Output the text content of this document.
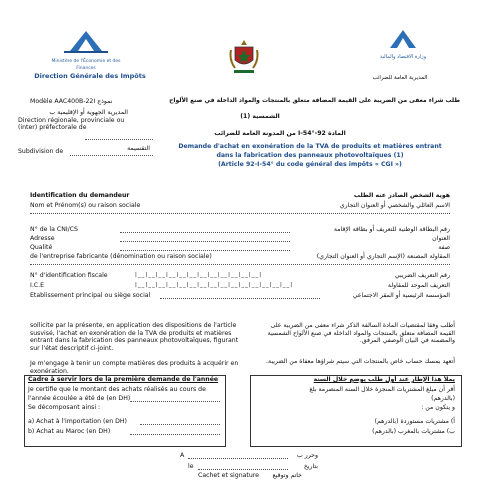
Ministère de l'Économie et des Finances
Direction Générale des Impôts
وزارة الاقتصاد والمالية
المديرية العامة للضرائب
Modèle AAC400B-22I نموذج
المديرية الجهوية أو الإقليمية ب
Direction régionale, provinciale ou (inter) préfectorale de
Subdivision de	التقسيمة
طلب شراء معفى من الضريبة على القيمة المضافة متعلق بالمنتجات والمواد الداخلة في صنع الألواح
الشمسية (1)
المادة 92-I-54° من المدونة العامة للضرائب
Demande d'achat en exonération de la TVA de produits et matières entrant
dans la fabrication des panneaux photovoltaïques (1)
(Article 92-I-54° du code général des impôts « CGI »)
Identification du demandeur	هوية الشخص الصادر عنه الطلب
Nom et Prénom(s) ou raison sociale	الاسم العائلي والشخصي أو العنوان التجاري
N° de la CNI/CS	رقم البطاقة الوطنية للتعريف أو بطاقة الإقامة
Adresse	العنوان
Qualité	صفة
de l'entreprise fabricante (dénomination ou raison sociale)	المقاولة المصنعة (الإسم التجاري أو العنوان التجاري)
N° d'identification fiscale	|__|__|__|__|__|__|__|__|__|__|__|__|	رقم التعريف الضريبي
I.C.E	|__|__|__|__|__|__|__|__|__|__|__|__|__|__|__|	التعريف الموحد للمقاولة
Etablissement principal ou siège social	المؤسسة الرئيسية أو المقر الاجتماعي
sollicite par la présente, en application des dispositions de l'article susvisé, l'achat en exonération de la TVA de produits et matières entrant dans la fabrication des panneaux photovoltaïques, figurant sur l'état descriptif ci-joint.
Je m'engage à tenir un compte matières des produits à acquérir en exonération.
أطلب وفقا لمقتضيات المادة السالفة الذكر شراء معفى من الضريبة على القيمة المضافة متعلق بالمنتجات والمواد الداخلة في صنع الألواح الشمسية والمضمنة في البيان الوصفي المرفق.
أتعهد بمسك حساب خاص بالمنتجات التي سيتم شراؤها معفاة من الضريبة.
Cadre à servir lors de la première demande de l'année
Je certifie que le montant des achats réalisés au cours de
l'année écoulée a été de (en DH)
Se décomposant ainsi :
a) Achat à l'importation (en DH)
b) Achat au Maroc (en DH)
يملأ هذا الإطار عند أول طلب يوضع خلال السنة
أقر أن مبلغ المشتريات المنجزة خلال السنة المنصرمة بلغ
(بالدرهم)
و يتكون من :
أ) مشتريات مستوردة (بالدرهم)
ب) مشتريات بالمغرب (بالدرهم)
A	وحرر ب
le	بتاريخ
Cachet et signature	خاتم وتوقيع
